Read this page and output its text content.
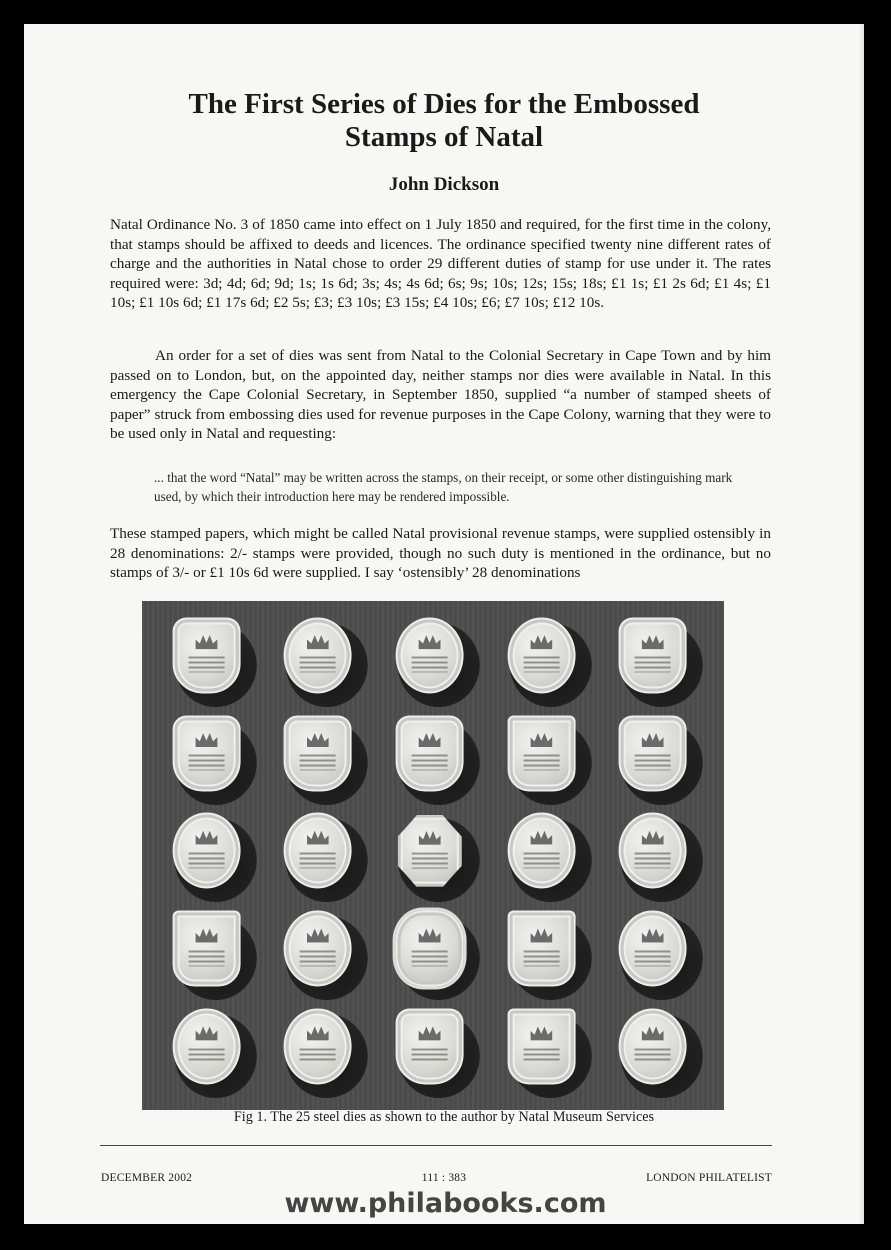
The First Series of Dies for the Embossed
Stamps of Natal

John Dickson

Natal Ordinance No. 3 of 1850 came into effect on 1 July 1850 and required, for the first time in the colony, that stamps should be affixed to deeds and licences. The ordinance specified twenty nine different rates of charge and the authorities in Natal chose to order 29 different duties of stamp for use under it. The rates required were: 3d; 4d; 6d; 9d; 1s; 1s 6d; 3s; 4s; 4s 6d; 6s; 9s; 10s; 12s; 15s; 18s; £1 1s; £1 2s 6d; £1 4s; £1 10s; £1 10s 6d; £1 17s 6d; £2 5s; £3; £3 10s; £3 15s; £4 10s; £6; £7 10s; £12 10s.

An order for a set of dies was sent from Natal to the Colonial Secretary in Cape Town and by him passed on to London, but, on the appointed day, neither stamps nor dies were available in Natal. In this emergency the Cape Colonial Secretary, in September 1850, supplied “a number of stamped sheets of paper” struck from embossing dies used for revenue purposes in the Cape Colony, warning that they were to be used only in Natal and requesting:

... that the word “Natal” may be written across the stamps, on their receipt, or some other distinguishing mark used, by which their introduction here may be rendered impossible.

These stamped papers, which might be called Natal provisional revenue stamps, were supplied ostensibly in 28 denominations: 2/- stamps were provided, though no such duty is mentioned in the ordinance, but no stamps of 3/- or £1 10s 6d were supplied. I say ‘ostensibly’ 28 denominations

Fig 1. The 25 steel dies as shown to the author by Natal Museum Services

DECEMBER 2002	111 : 383	LONDON PHILATELIST

www.philabooks.com
